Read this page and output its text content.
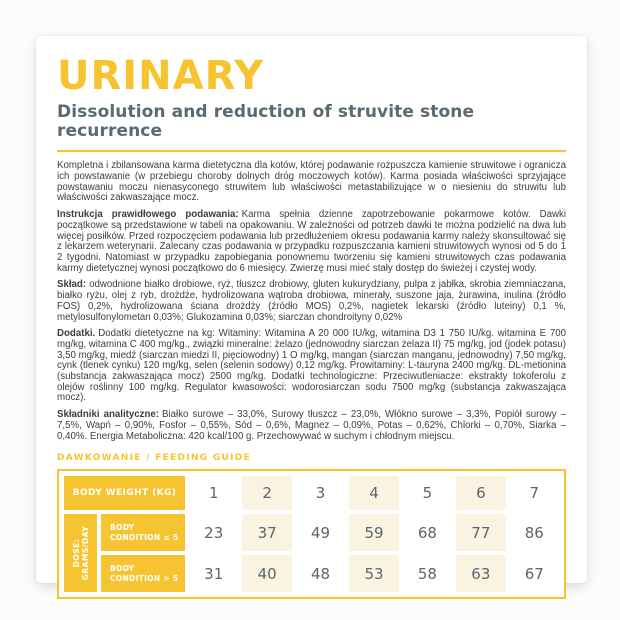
URINARY
Dissolution and reduction of struvite stone recurrence

Kompletna i zbilansowana karma dietetyczna dla kotów, której podawanie rozpuszcza kamienie struwitowe i ogranicza ich powstawanie (w przebiegu choroby dolnych dróg moczowych kotów). Karma posiada właściwości sprzyjające powstawaniu moczu nienasyconego struwitem lub właściwości metastabilizujące w o niesieniu do struwitu lub właściwości zakwaszające mocz.

Instrukcja prawidłowego podawania: Karma spełnia dzienne zapotrzebowanie pokarmowe kotów. Dawki początkowe są przedstawione w tabeli na opakowaniu. W zależności od potrzeb dawki te można podzielić na dwa lub więcej posiłków. Przed rozpoczęciem podawania lub przedłużeniem okresu podawania karmy należy skonsultować się z lekarzem weterynarii. Zalecany czas podawania w przypadku rozpuszczania kamieni struwitowych wynosi od 5 do 1 2 tygodni. Natomiast w przypadku zapobiegania ponownemu tworzeniu się kamieni struwitowych czas podawania karmy dietetycznej wynosi początkowo do 6 miesięcy. Zwierzę musi mieć stały dostęp do świeżej i czystej wody.

Skład: odwodnione białko drobiowe, ryż, tłuszcz drobiowy, gluten kukurydziany, pulpa z jabłka, skrobia ziemniaczana, białko ryżu, olej z ryb, drożdże, hydrolizowana wątroba drobiowa, minerały, suszone jaja, żurawina, inulina (źródło FOS) 0,2%, hydrolizowana ściana drożdży (źródło MOS) 0,2%, nagietek lekarski (źródło luteiny) 0,1 %, metylosulfonylometan 0,03%; Glukozamina 0,03%; siarczan chondroityny 0,02%

Dodatki. Dodatki dietetyczne na kg: Witaminy: Witamina A 20 000 IU/kg, witamina D3 1 750 IU/kg. witamina E 700 mg/kg, witamina C 400 mg/kg., związki mineralne: żelazo (jednowodny siarczan żelaza II) 75 mg/kg, jod (jodek potasu) 3,50 mg/kg, miedź (siarczan miedzi II, pięciowodny) 1 O mg/kg, mangan (siarczan manganu, jednowodny) 7,50 mg/kg, cynk (tlenek cynku) 120 mg/kg, selen (selenin sodowy) 0,12 mg/kg. Prowitaminy: L-tauryna 2400 mg/kg. DL-metionina (substancja zakwaszająca mocz) 2500 mg/kg. Dodatki technologiczne: Przeciwutleniacze: ekstrakty tokoferolu z olejów roślinny 100 mg/kg. Regulator kwasowości: wodorosiarczan sodu 7500 mg/kg (substancja zakwaszająca mocz).

Składniki analityczne: Białko surowe – 33,0%, Surowy tłuszcz – 23,0%, Włókno surowe – 3,3%, Popiół surowy – 7,5%, Wapń – 0,90%, Fosfor – 0,55%, Sód – 0,6%, Magnez – 0,09%, Potas – 0,62%, Chlorki – 0,70%, Siarka – 0,40%. Energia Metaboliczna: 420 kcal/100 g. Przechowywać w suchym i chłodnym miejscu.

DAWKOWANIE / FEEDING GUIDE
BODY WEIGHT (KG)	1	2	3	4	5	6	7
DOSE:
GRAMS/DAY	BODY
CONDITION ≤ 5	23	37	49	59	68	77	86
BODY
CONDITION > 5	31	40	48	53	58	63	67
